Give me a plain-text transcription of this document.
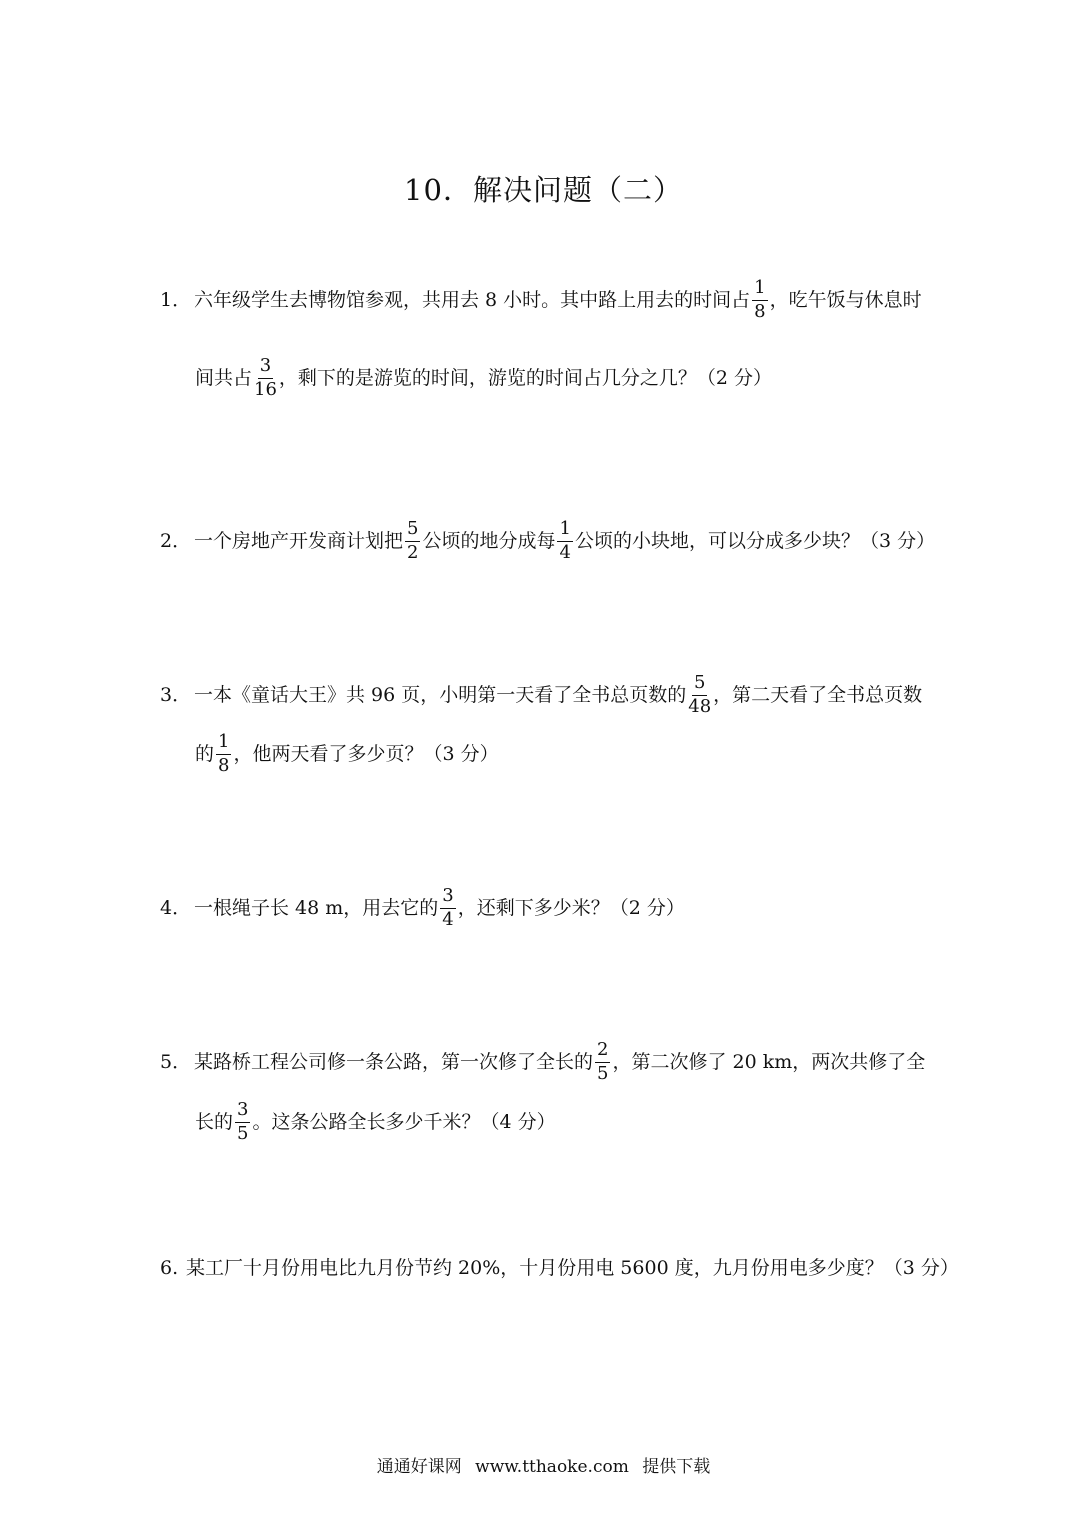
10．解决问题（二）
1． 六年级学生去博物馆参观，共用去 8 小时。其中路上用去的时间占 $\frac{1}{8}$ ，吃午饭与休息时
间共占 $\frac{3}{16}$ ，剩下的是游览的时间，游览的时间占几分之几？（2 分）
2． 一个房地产开发商计划把 $\frac{5}{2}$ 公顷的地分成每 $\frac{1}{4}$ 公顷的小块地，可以分成多少块？（3 分）
3． 一本《童话大王》共 96 页，小明第一天看了全书总页数的 $\frac{5}{48}$ ，第二天看了全书总页数
的 $\frac{1}{8}$ ，他两天看了多少页？（3 分）
4． 一根绳子长 48 m，用去它的 $\frac{3}{4}$ ，还剩下多少米？（2 分）
5． 某路桥工程公司修一条公路，第一次修了全长的 $\frac{2}{5}$ ，第二次修了 20 km，两次共修了全
长的 $\frac{3}{5}$ 。这条公路全长多少千米？（4 分）
6. 某工厂十月份用电比九月份节约 20%，十月份用电 5600 度，九月份用电多少度？（3 分）
通通好课网 www.tthaoke.com 提供下载
